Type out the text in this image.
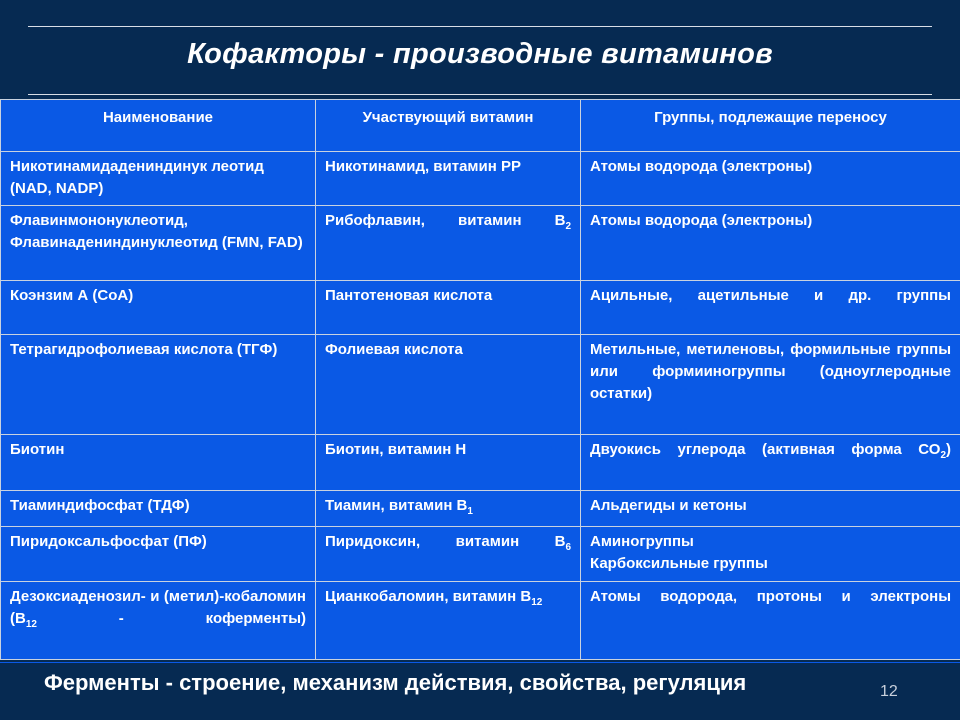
Кофакторы - производные витаминов
Наименование	Участвующий витамин	Группы, подлежащие переносу
Никотинамидадениндинук леотид (NAD, NADP)	Никотинамид, витамин РР	Атомы водорода (электроны)

Флавинмононуклеотид, Флавинадениндинуклеотид (FMN, FAD)	Рибофлавин, витамин $В_2$	Атомы водорода (электроны)
Коэнзим А (СоА)	Пантотеновая кислота	Ацильные, ацетильные и др. группы
Тетрагидрофолиевая кислота (ТГФ)	Фолиевая кислота	Метильные, метиленовы, формильные группы или формииногруппы (одноуглеродные остатки)

Биотин	Биотин, витамин Н	Двуокись углерода (активная форма $СО_2$)
Тиаминдифосфат (ТДФ)	Тиамин, витамин $В_1$	Альдегиды и кетоны
Пиридоксальфосфат (ПФ)	Пиридоксин, витамин $В_6$	Аминогруппы
Карбоксильные группы

Дезоксиаденозил- и (метил)-кобаломин ($В_{12}$ - коферменты)	Цианкобаломин, витамин $В_{12}$	Атомы водорода, протоны и электроны
Ферменты - строение, механизм действия, свойства, регуляция	12
